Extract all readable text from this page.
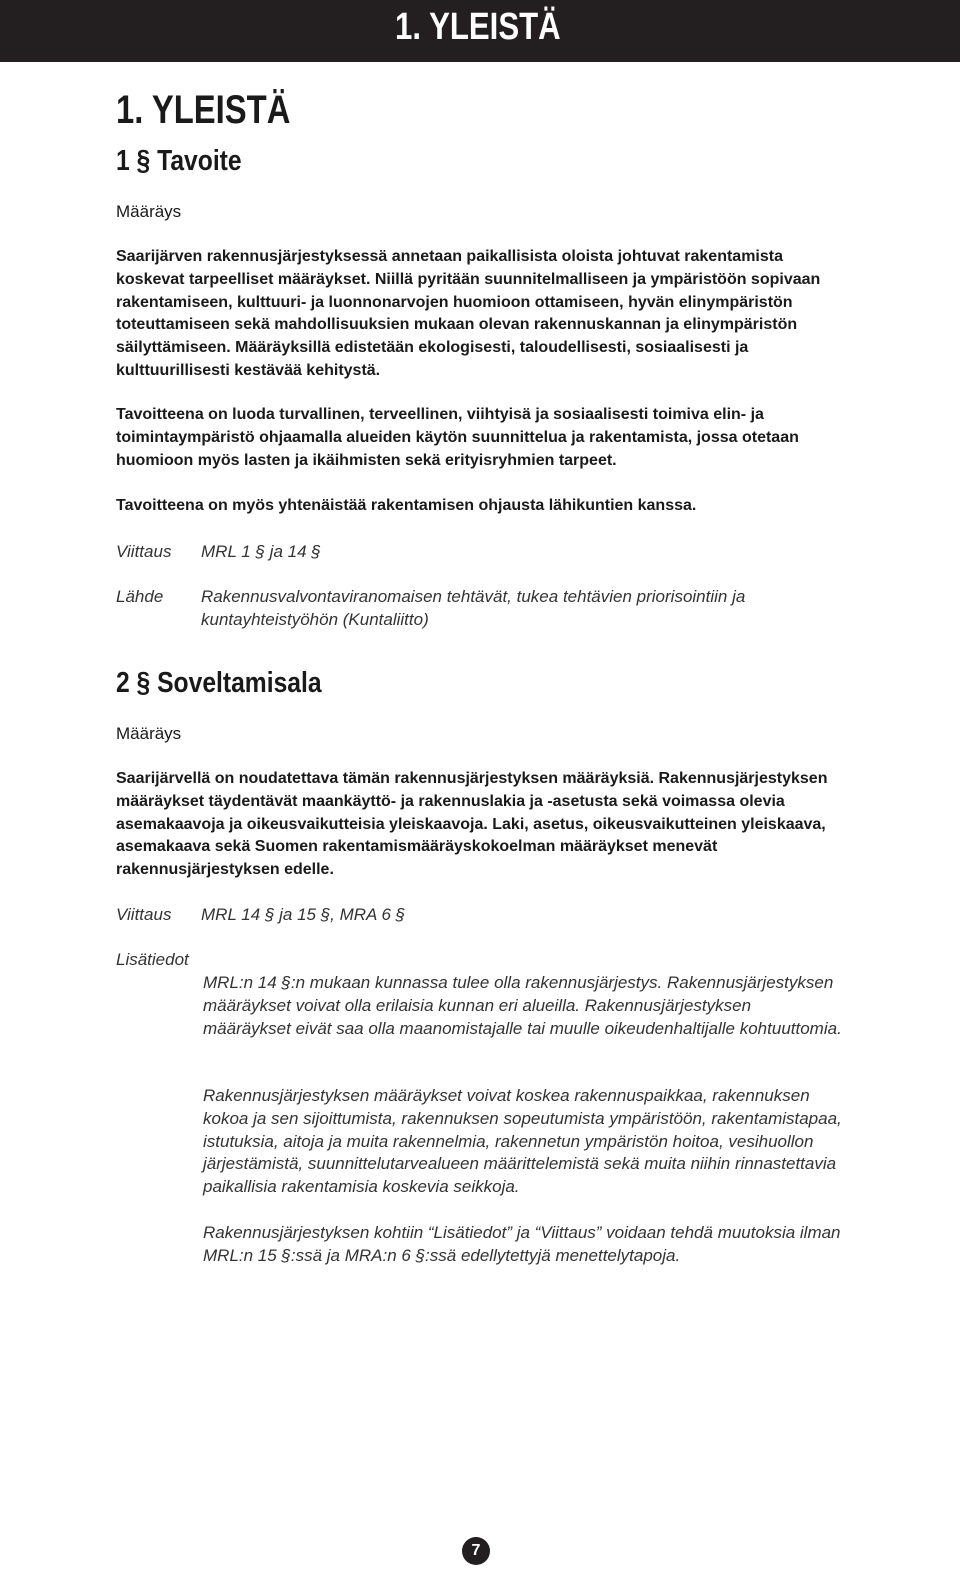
1. YLEISTÄ
1. YLEISTÄ
1 § Tavoite
Määräys
Saarijärven rakennusjärjestyksessä annetaan paikallisista oloista johtuvat rakentamista koskevat tarpeelliset määräykset. Niillä pyritään suunnitelmalliseen ja ympäristöön sopivaan rakentamiseen, kulttuuri- ja luonnonarvojen huomioon ottamiseen, hyvän elinympäristön toteuttamiseen sekä mahdollisuuksien mukaan olevan rakennuskannan ja elinympäristön säilyttämiseen. Määräyksillä edistetään ekologisesti, taloudellisesti, sosiaalisesti ja kulttuurillisesti kestävää kehitystä.
Tavoitteena on luoda turvallinen, terveellinen, viihtyisä ja sosiaalisesti toimiva elin- ja toimintaympäristö ohjaamalla alueiden käytön suunnittelua ja rakentamista, jossa otetaan huomioon myös lasten ja ikäihmisten sekä erityisryhmien tarpeet.
Tavoitteena on myös yhtenäistää rakentamisen ohjausta lähikuntien kanssa.
Viittaus MRL 1 § ja 14 §
Lähde Rakennusvalvontaviranomaisen tehtävät, tukea tehtävien priorisointiin ja kuntayhteistyöhön (Kuntaliitto)
2 § Soveltamisala
Määräys
Saarijärvellä on noudatettava tämän rakennusjärjestyksen määräyksiä. Rakennusjärjestyksen määräykset täydentävät maankäyttö- ja rakennuslakia ja -asetusta sekä voimassa olevia asemakaavoja ja oikeusvaikutteisia yleiskaavoja. Laki, asetus, oikeusvaikutteinen yleiskaava, asemakaava sekä Suomen rakentamismääräyskokoelman määräykset menevät rakennusjärjestyksen edelle.
Viittaus MRL 14 § ja 15 §, MRA 6 §
Lisätiedot
MRL:n 14 §:n mukaan kunnassa tulee olla rakennusjärjestys. Rakennusjärjestyksen määräykset voivat olla erilaisia kunnan eri alueilla. Rakennusjärjestyksen määräykset eivät saa olla maanomistajalle tai muulle oikeudenhaltijalle kohtuuttomia.
Rakennusjärjestyksen määräykset voivat koskea rakennuspaikkaa, rakennuksen kokoa ja sen sijoittumista, rakennuksen sopeutumista ympäristöön, rakentamistapaa, istutuksia, aitoja ja muita rakennelmia, rakennetun ympäristön hoitoa, vesihuollon järjestämistä, suunnittelutarvealueen määrittelemistä sekä muita niihin rinnastettavia paikallisia rakentamisia koskevia seikkoja.
Rakennusjärjestyksen kohtiin “Lisätiedot” ja “Viittaus” voidaan tehdä muutoksia ilman MRL:n 15 §:ssä ja MRA:n 6 §:ssä edellytettyjä menettelytapoja.
7
